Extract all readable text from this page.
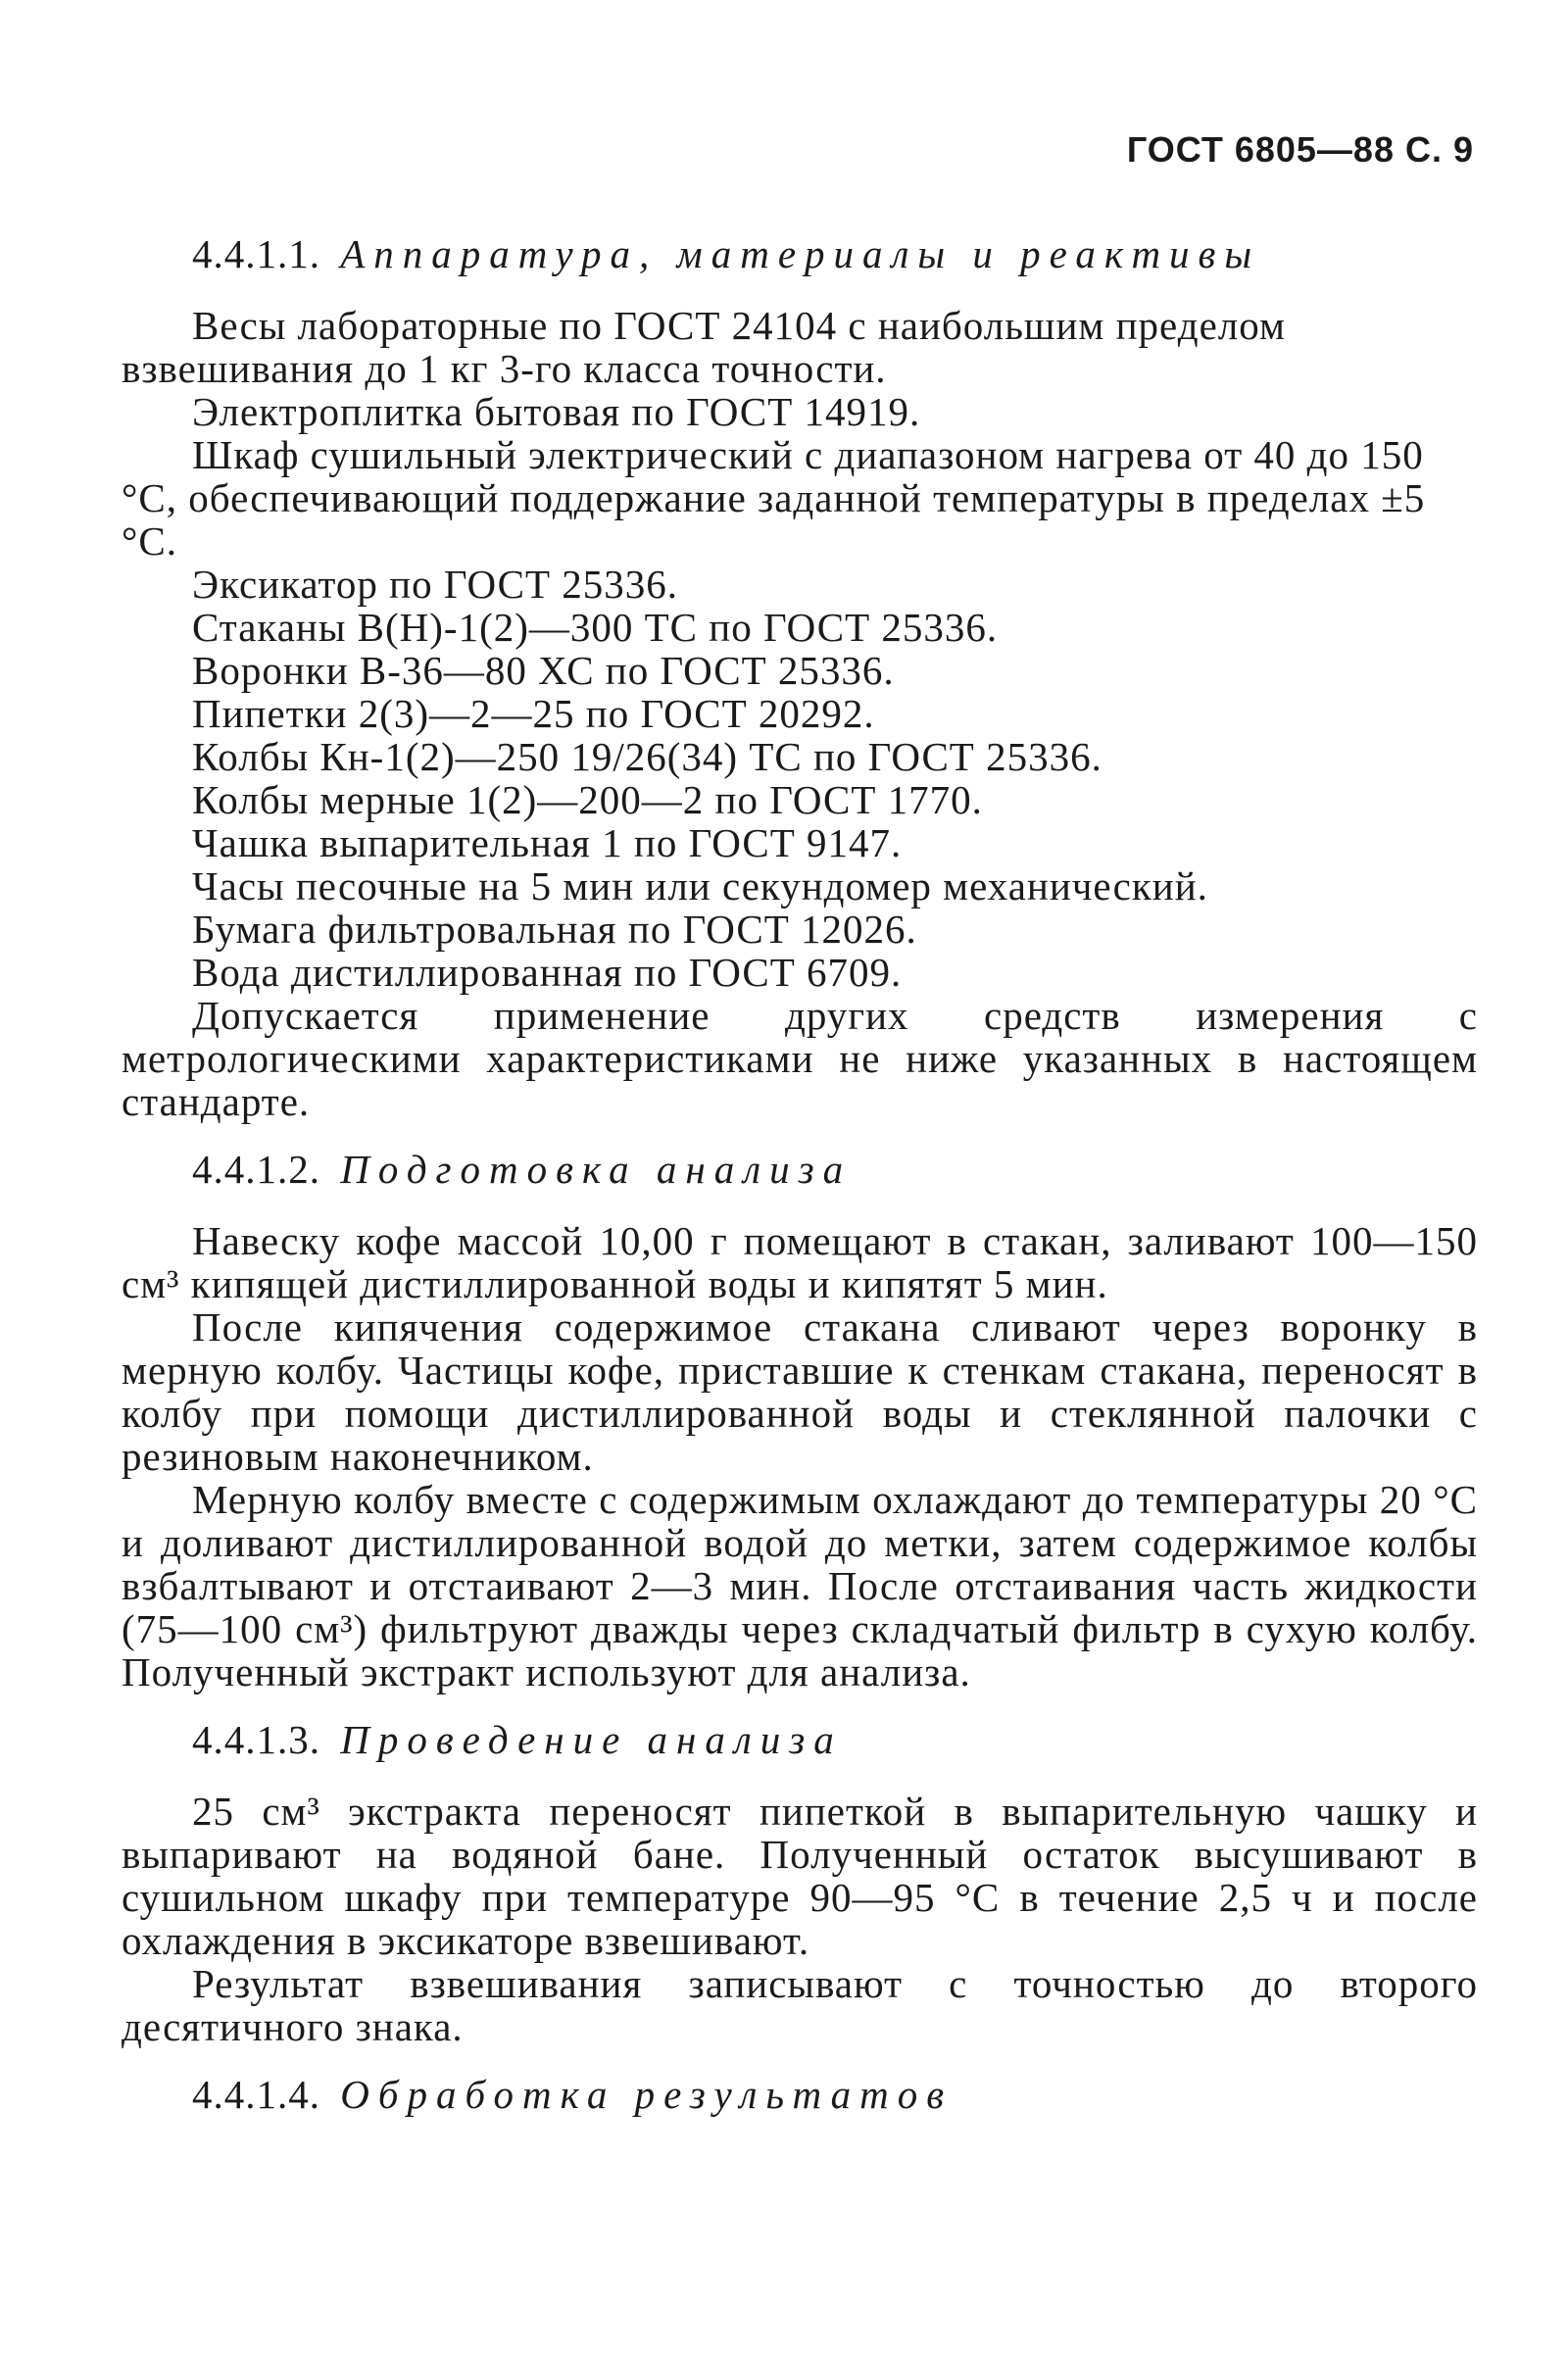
ГОСТ 6805—88 С. 9
4.4.1.1. Аппаратура, материалы и реактивы

Весы лабораторные по ГОСТ 24104 с наибольшим пределом взвешивания до 1 кг 3-го класса точности.

Электроплитка бытовая по ГОСТ 14919.

Шкаф сушильный электрический с диапазоном нагрева от 40 до 150 °С, обеспечивающий поддержание заданной температуры в пределах ±5 °С.

Эксикатор по ГОСТ 25336.

Стаканы В(Н)-1(2)—300 ТС по ГОСТ 25336.

Воронки В-36—80 ХС по ГОСТ 25336.

Пипетки 2(3)—2—25 по ГОСТ 20292.

Колбы Кн-1(2)—250 19/26(34) ТС по ГОСТ 25336.

Колбы мерные 1(2)—200—2 по ГОСТ 1770.

Чашка выпарительная 1 по ГОСТ 9147.

Часы песочные на 5 мин или секундомер механический.

Бумага фильтровальная по ГОСТ 12026.

Вода дистиллированная по ГОСТ 6709.

Допускается применение других средств измерения с метрологическими характеристиками не ниже указанных в настоящем стандарте.

4.4.1.2. Подготовка анализа

Навеску кофе массой 10,00 г помещают в стакан, заливают 100—150 см³ кипящей дистиллированной воды и кипятят 5 мин.

После кипячения содержимое стакана сливают через воронку в мерную колбу. Частицы кофе, приставшие к стенкам стакана, переносят в колбу при помощи дистиллированной воды и стеклянной палочки с резиновым наконечником.

Мерную колбу вместе с содержимым охлаждают до температуры 20 °С и доливают дистиллированной водой до метки, затем содержимое колбы взбалтывают и отстаивают 2—3 мин. После отстаивания часть жидкости (75—100 см³) фильтруют дважды через складчатый фильтр в сухую колбу. Полученный экстракт используют для анализа.

4.4.1.3. Проведение анализа

25 см³ экстракта переносят пипеткой в выпарительную чашку и выпаривают на водяной бане. Полученный остаток высушивают в сушильном шкафу при температуре 90—95 °С в течение 2,5 ч и после охлаждения в эксикаторе взвешивают.

Результат взвешивания записывают с точностью до второго десятичного знака.

4.4.1.4. Обработка результатов
